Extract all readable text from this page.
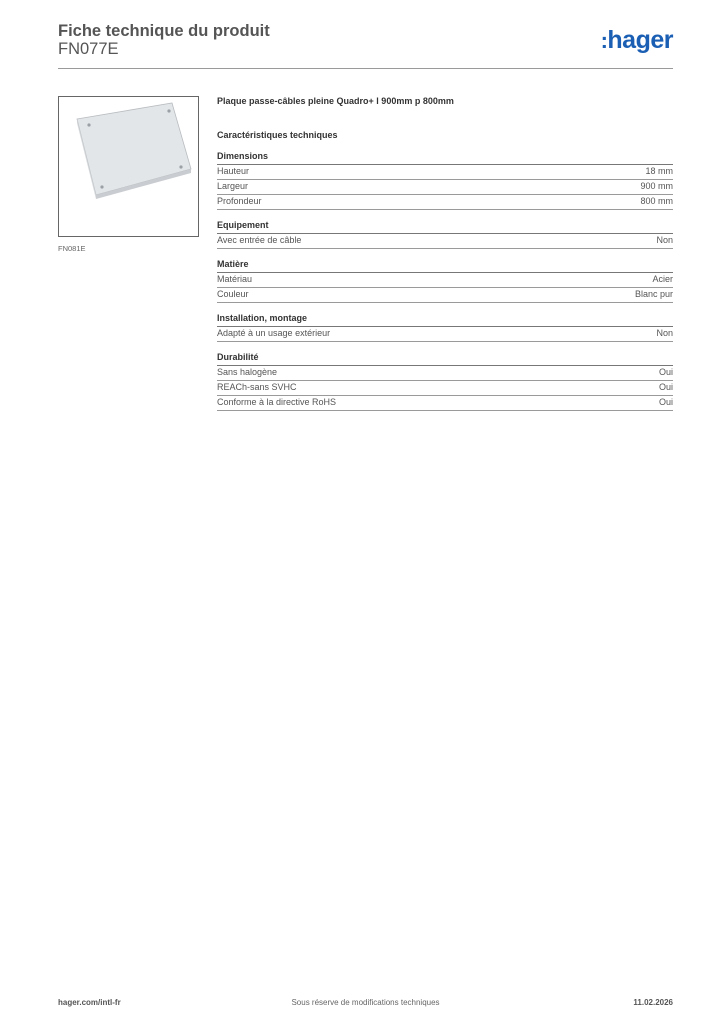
Fiche technique du produit
FN077E	:hager
FN081E
Plaque passe-câbles pleine Quadro+ l 900mm p 800mm
Caractéristiques techniques
Dimensions
Hauteur	18 mm
Largeur	900 mm
Profondeur	800 mm
Equipement
Avec entrée de câble	Non
Matière
Matériau	Acier
Couleur	Blanc pur
Installation, montage
Adapté à un usage extérieur	Non
Durabilité
Sans halogène	Oui
REACh-sans SVHC	Oui
Conforme à la directive RoHS	Oui
hager.com/intl-fr	Sous réserve de modifications techniques	11.02.2026
